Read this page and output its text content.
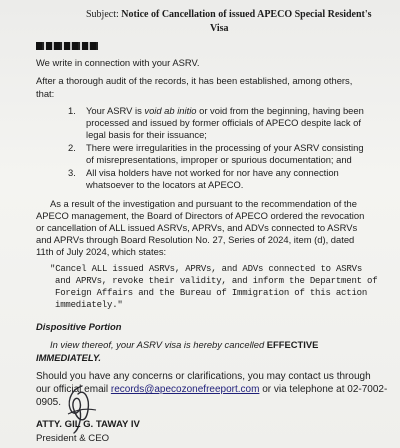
Subject: Notice of Cancellation of issued APECO Special Resident's
Visa
We write in connection with your ASRV.
After a thorough audit of the records, it has been established, among others,
that:
1. Your ASRV is void ab initio or void from the beginning, having been
processed and issued by former officials of APECO despite lack of
legal basis for their issuance;
2. There were irregularities in the processing of your ASRV consisting
of misrepresentations, improper or spurious documentation; and
3. All visa holders have not worked for nor have any connection
whatsoever to the locators at APECO.
As a result of the investigation and pursuant to the recommendation of the
APECO management, the Board of Directors of APECO ordered the revocation
or cancellation of ALL issued ASRVs, APRVs, and ADVs connected to ASRVs
and APRVs through Board Resolution No. 27, Series of 2024, item (d), dated
11th of July 2024, which states:
"Cancel ALL issued ASRVs, APRVs, and ADVs connected to ASRVs
and APRVs, revoke their validity, and inform the Department of
Foreign Affairs and the Bureau of Immigration of this action
immediately."
Dispositive Portion
In view thereof, your ASRV visa is hereby cancelled EFFECTIVE
IMMEDIATELY.
Should you have any concerns or clarifications, you may contact us through
our official email records@apecozonefreeport.com or via telephone at 02-7002-
0905.
ATTY. GIL G. TAWAY IV
President & CEO
